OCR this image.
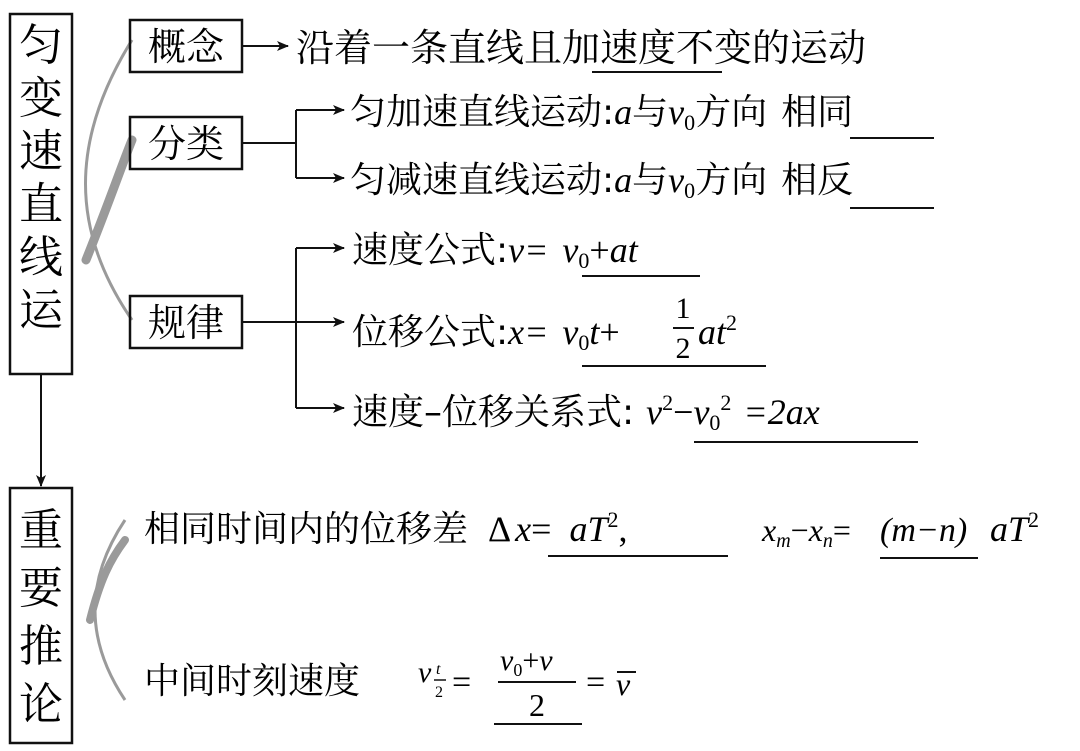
匀
变
速
直
线
运
重
要
推
论
概念 沿着一条直线且加速度不变的运动
分类
匀加速直线运动:a与v0方向 相同
匀减速直线运动:a与v0方向 相反
规律
速度公式:v= v0+at
位移公式:x= v0t+
1
2 $at^2$
速度–位移关系式: $v^2-v0^2 =2ax$
相同时间内的位移差 Δ $x= aT^2$,	xm−xn= (m−n) $aT^2$
中间时刻速度 v t
2 =
$v_0+v$
2
= v
